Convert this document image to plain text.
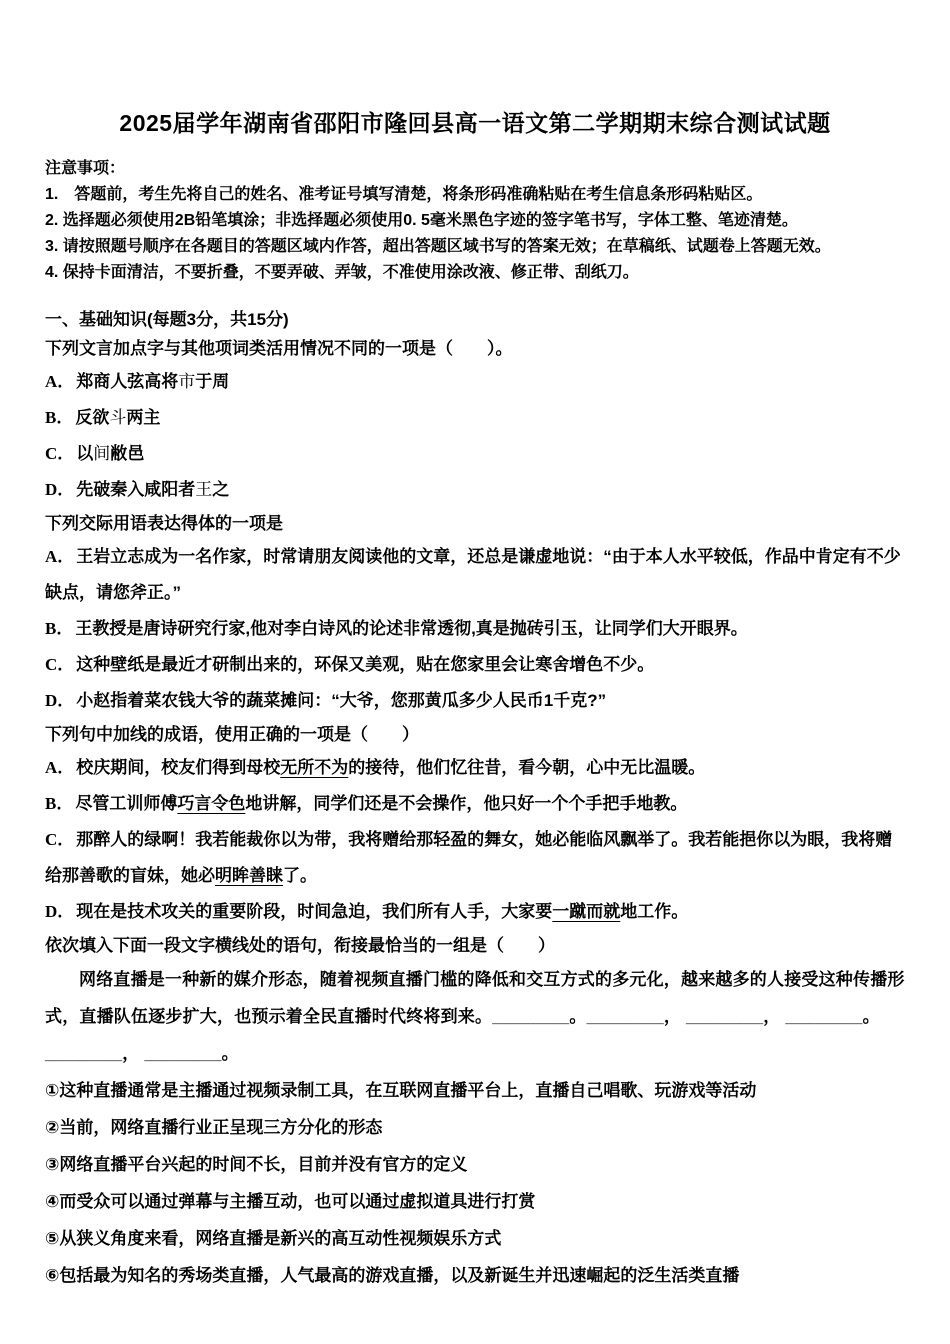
2025届学年湖南省邵阳市隆回县高一语文第二学期期末综合测试试题
注意事项：
1.　答题前，考生先将自己的姓名、准考证号填写清楚，将条形码准确粘贴在考生信息条形码粘贴区。
2. 选择题必须使用2B铅笔填涂；非选择题必须使用0. 5毫米黑色字迹的签字笔书写，字体工整、笔迹清楚。
3. 请按照题号顺序在各题目的答题区域内作答，超出答题区域书写的答案无效；在草稿纸、试题卷上答题无效。
4. 保持卡面清洁，不要折叠，不要弄破、弄皱，不准使用涂改液、修正带、刮纸刀。
一、基础知识(每题3分，共15分)
下列文言加点字与其他项词类活用情况不同的一项是（　　）。
A． 郑商人弦高将市于周
B． 反欲斗两主
C． 以间敝邑
D． 先破秦入咸阳者王之
下列交际用语表达得体的一项是
A． 王岩立志成为一名作家，时常请朋友阅读他的文章，还总是谦虚地说：“由于本人水平较低，作品中肯定有不少缺点，请您斧正。”
B． 王教授是唐诗研究行家,他对李白诗风的论述非常透彻,真是抛砖引玉，让同学们大开眼界。
C． 这种壁纸是最近才研制出来的，环保又美观，贴在您家里会让寒舍增色不少。
D． 小赵指着菜农钱大爷的蔬菜摊问：“大爷，您那黄瓜多少人民币1千克?”
下列句中加线的成语，使用正确的一项是（　　）
A． 校庆期间，校友们得到母校无所不为的接待，他们忆往昔，看今朝，心中无比温暖。
B． 尽管工训师傅巧言令色地讲解，同学们还是不会操作，他只好一个个手把手地教。
C． 那醉人的绿啊！我若能裁你以为带，我将赠给那轻盈的舞女，她必能临风飘举了。我若能挹你以为眼，我将赠给那善歌的盲妹，她必明眸善睐了。
D． 现在是技术攻关的重要阶段，时间急迫，我们所有人手，大家要一蹴而就地工作。
依次填入下面一段文字横线处的语句，衔接最恰当的一组是（　　）
网络直播是一种新的媒介形态，随着视频直播门槛的降低和交互方式的多元化，越来越多的人接受这种传播形式，直播队伍逐步扩大，也预示着全民直播时代终将到来。________。________， ________， ________。________， ________。
①这种直播通常是主播通过视频录制工具，在互联网直播平台上，直播自己唱歌、玩游戏等活动
②当前，网络直播行业正呈现三方分化的形态
③网络直播平台兴起的时间不长，目前并没有官方的定义
④而受众可以通过弹幕与主播互动，也可以通过虚拟道具进行打赏
⑤从狭义角度来看，网络直播是新兴的高互动性视频娱乐方式
⑥包括最为知名的秀场类直播，人气最高的游戏直播，以及新诞生并迅速崛起的泛生活类直播
